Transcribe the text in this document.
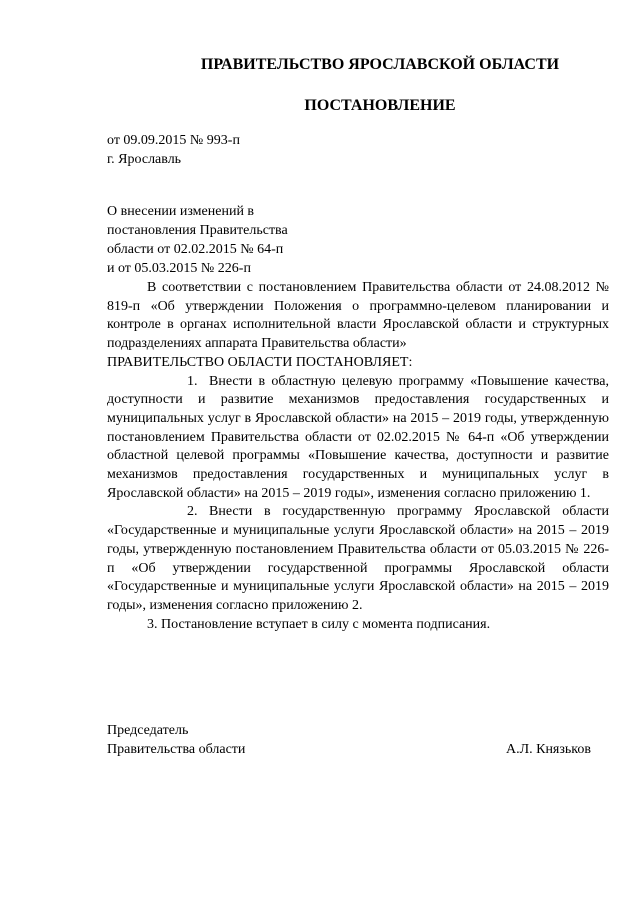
ПРАВИТЕЛЬСТВО ЯРОСЛАВСКОЙ ОБЛАСТИ
ПОСТАНОВЛЕНИЕ
от 09.09.2015 № 993-п
г. Ярославль
О внесении изменений в
постановления Правительства
области от 02.02.2015 № 64-п
и от 05.03.2015 № 226-п

В соответствии с постановлением Правительства области от 24.08.2012 № 819-п «Об утверждении Положения о программно-целевом планировании и контроле в органах исполнительной власти Ярославской области и структурных подразделениях аппарата Правительства области»

ПРАВИТЕЛЬСТВО ОБЛАСТИ ПОСТАНОВЛЯЕТ:

1. Внести в областную целевую программу «Повышение качества, доступности и развитие механизмов предоставления государственных и муниципальных услуг в Ярославской области» на 2015 – 2019 годы, утвержденную постановлением Правительства области от 02.02.2015 № 64-п «Об утверждении областной целевой программы «Повышение качества, доступности и развитие механизмов предоставления государственных и муниципальных услуг в Ярославской области» на 2015 – 2019 годы», изменения согласно приложению 1.

2. Внести в государственную программу Ярославской области «Государственные и муниципальные услуги Ярославской области» на 2015 – 2019 годы, утвержденную постановлением Правительства области от 05.03.2015 № 226-п «Об утверждении государственной программы Ярославской области «Государственные и муниципальные услуги Ярославской области» на 2015 – 2019 годы», изменения согласно приложению 2.

3. Постановление вступает в силу с момента подписания.

Председатель
Правительства области	А.Л. Князьков
